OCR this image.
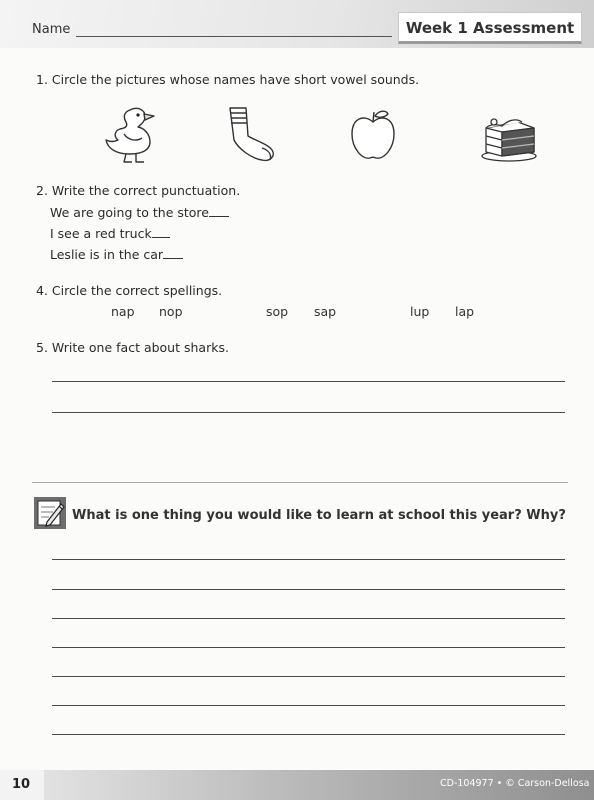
Name	Week 1 Assessment
1. Circle the pictures whose names have short vowel sounds.
2. Write the correct punctuation.
We are going to the store
I see a red truck
Leslie is in the car
4. Circle the correct spellings.
nap nop	sop sap	lup lap
5. Write one fact about sharks.
What is one thing you would like to learn at school this year? Why?
10	CD-104977 • © Carson-Dellosa
